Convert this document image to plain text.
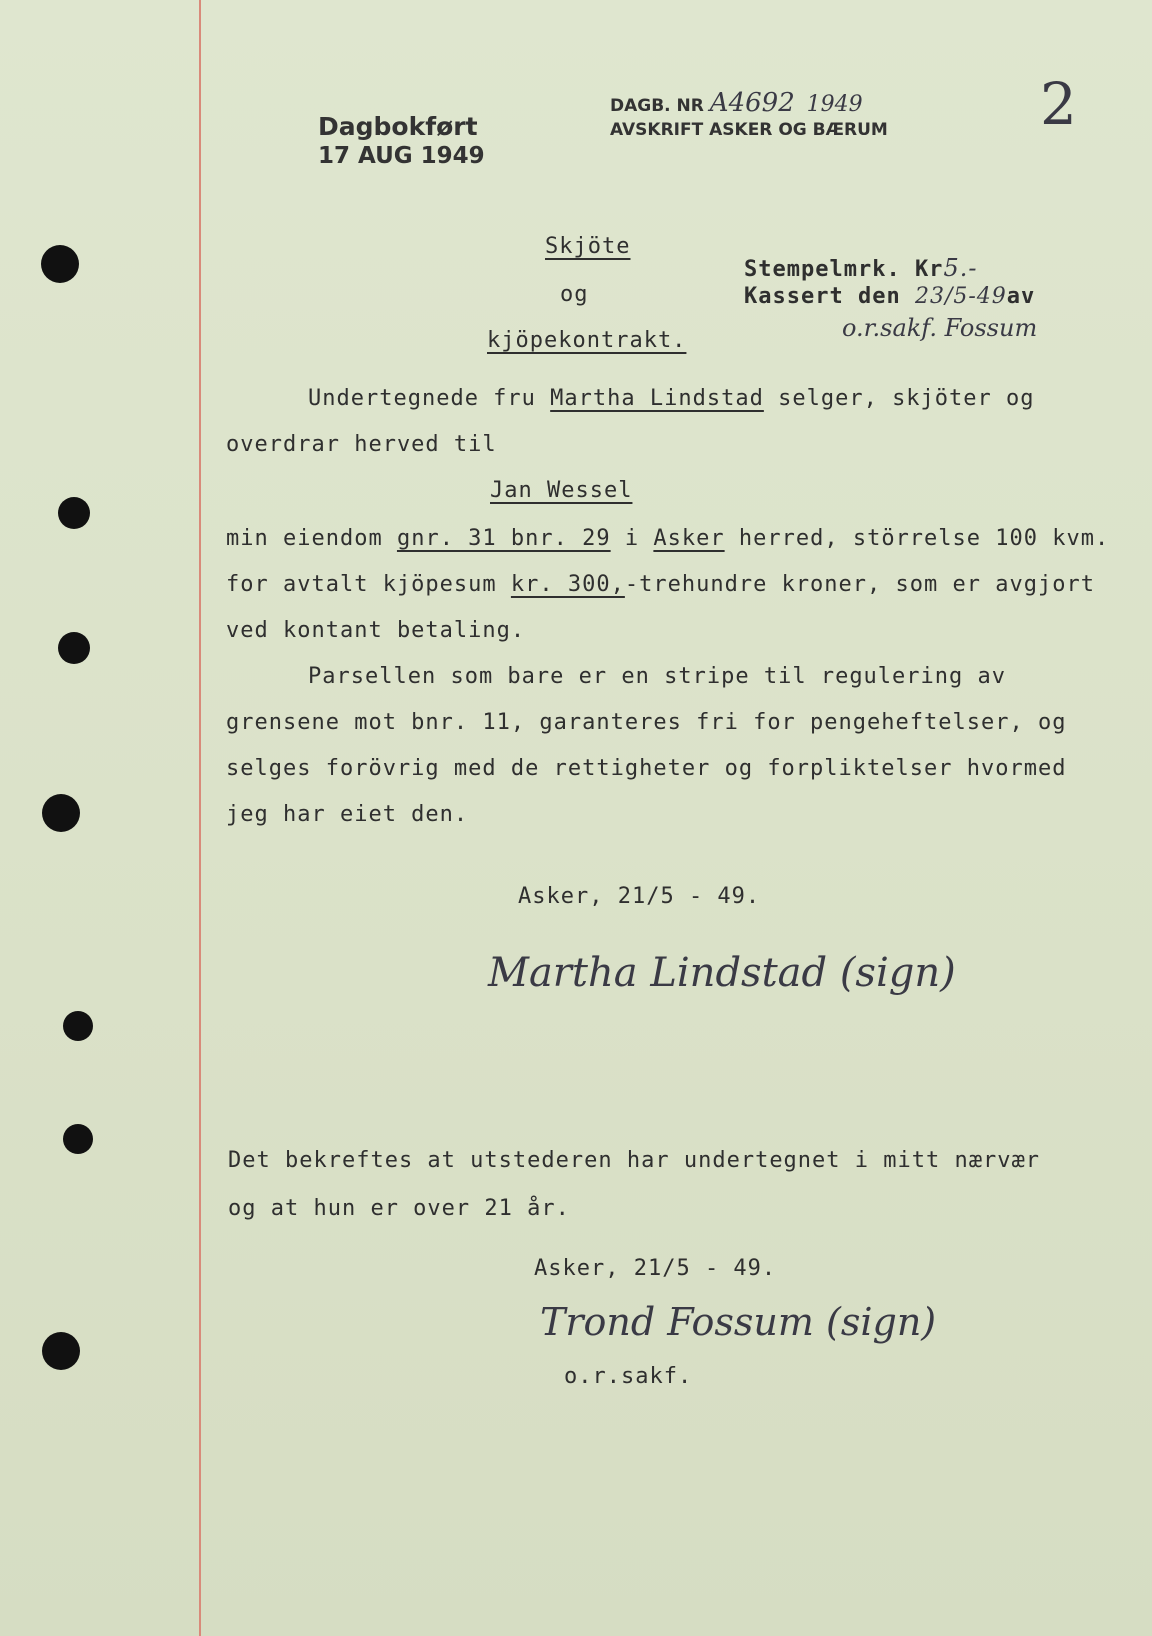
Dagbokført
17 AUG 1949
DAGB. NR A4692 1949
AVSKRIFT ASKER OG BÆRUM	2
Stempelmrk. Kr5.-
Kassert den 23/5-49av
o.r.sakf. Fossum
Skjöte
og
kjöpekontrakt.
Undertegnede fru Martha Lindstad selger, skjöter og
overdrar herved til
Jan Wessel
min eiendom gnr. 31 bnr. 29 i Asker herred, störrelse 100 kvm.
for avtalt kjöpesum kr. 300,-trehundre kroner, som er avgjort
ved kontant betaling.
Parsellen som bare er en stripe til regulering av
grensene mot bnr. 11, garanteres fri for pengeheftelser, og
selges forövrig med de rettigheter og forpliktelser hvormed
jeg har eiet den.
Asker, 21/5 - 49.
Martha Lindstad (sign)
Det bekreftes at utstederen har undertegnet i mitt nærvær
og at hun er over 21 år.
Asker, 21/5 - 49.
Trond Fossum (sign)
o.r.sakf.
